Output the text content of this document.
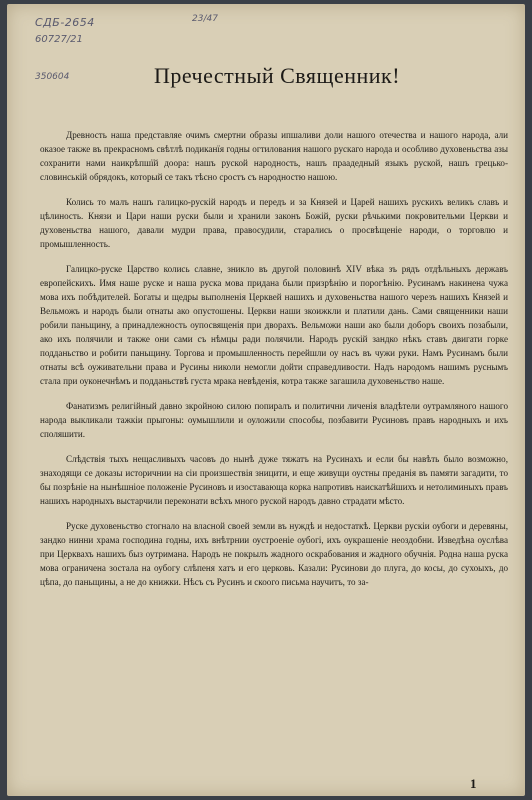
СДБ-2654
60727/21
350604
23/47
Пречестный Священник!

Древность наша представляе очимъ смертни образы ипшаливи доли нашого отечества и нашого народа, али оказое также въ прекрасномъ свѣтлѣ подиканїя годны огтилования нашого рускаго народа и особливо духовеньства азы сохранити нами наикрѣпшїй доора: нашъ руской народность, нашъ праадедный языкъ руской, нашъ грецько-словинськiй обрядокъ, который се такъ тѣсно сростъ съ народностю нашою.

Колись то малъ нашъ галицко-рускiй народъ и передъ и за Князей и Царей нашихъ рускихъ великъ славъ и цѣлиность. Князи и Цари наши руски были и хранили законъ Божій, руски рѣчькими покровительми Церкви и духовеньства нашого, давали мудри права, правосудили, старались о просвѣщенiе народи, о торговлю и промышленность.

Галицко-руске Царство колись славне, зникло въ другой половинѣ XIV вѣка зъ рядъ отдѣльныхъ державъ европейскихъ. Имя наше руске и наша руска мова придана были призрѣнію и порогѣнію. Русинамъ накинена чужа мова ихъ побѣдителей. Богаты и щедры выполненiя Церквей нашихъ и духовеньства нашого черезъ нашихъ Князей и Вельможъ и народъ были отнаты ако опустошены. Церкви наши зкоижкли и платили дань. Сами священники наши робили паньщину, а принадлежность оупосвященiя при дворахъ. Вельможи наши ако были доборъ своихъ позабыли, ако ихъ полячили и также они сами съ нѣмцы ради полячили. Народъ рускiй зандко нѣкъ ставъ двигати горке подданьство и робити паньщину. Торгова и промышленность перейшли оу насъ въ чужи руки. Намъ Русинамъ были отнаты всѣ оуживательни права и Русины николи немогли дойти справедливости. Надъ народомъ нашимъ руснымъ стала при оуконечнѣмъ и подданьствѣ густа мрака невѣденія, котра также загашила духовеньство наше.

Фанатизмъ религiйный давно зкройною силою попиралъ и политични личенiя владѣтели оутрамляного нашого народа выкликали тажкiи прыгоны: оумышлили и оуложили способы, позбавити Русиновъ правъ народныхъ и ихъ споляшити.

Слѣдствiя тыхъ нещасливыхъ часовъ до нынѣ дуже тяжатъ на Русинахъ и если бы навѣть было возможно, знаходящи се доказы историчнии на сiи произшествiя зницити, и еще живущи оустны преданiя въ памяти загадити, то бы позрѣнiе на нынѣшнiое положенiе Русиновъ и изоставающа корка напротивъ наискатѣйшихъ и нетолиминыхъ правъ нашихъ народныхъ выстарчили переконати всѣхъ много руской народъ давно страдати мѣсто.

Руске духовеньство стогнало на власной своей земли въ нуждѣ и недостаткѣ. Церкви рускіи оубоги и деревяны, зандко нинни храма господина годны, ихъ внѣтрнии оустроенiе оубогi, ихъ оукрашенiе неоздобни. Изведѣна оуслѣва при Церквахъ нашихъ быз оутримана. Народъ не покрылъ жадного оскрабования и жадного обучнiя. Родна наша руска мова ограничена зостала на оубогу слѣпеня хатъ и его церковь. Казали: Русинови до плуга, до косы, до сухоыхъ, до цѣпа, до паньщины, а не до книжки. Нѣсъ съ Русинъ и скоого письма научитъ, то за-

1
